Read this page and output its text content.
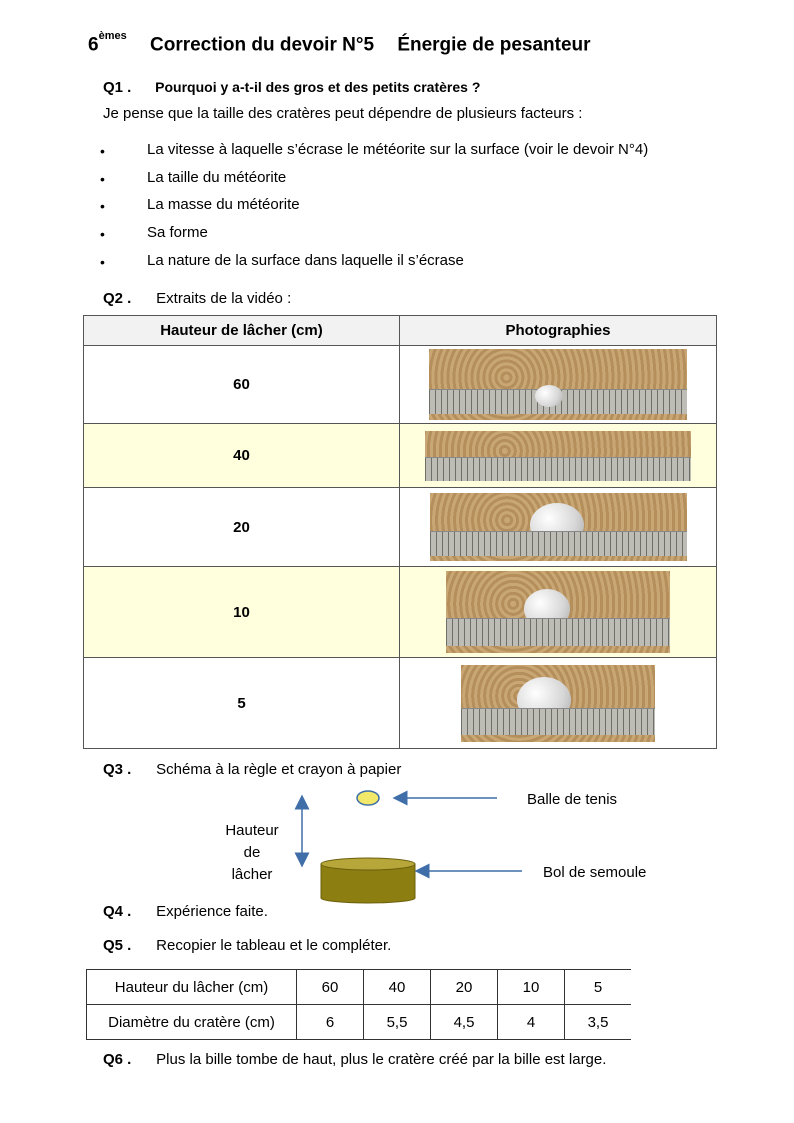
6èmes Correction du devoir N°5 Énergie de pesanteur
Q1 . Pourquoi y a-t-il des gros et des petits cratères ?
Je pense que la taille des cratères peut dépendre de plusieurs facteurs :
•	La vitesse à laquelle s’écrase le météorite sur la surface (voir le devoir N°4)
•	La taille du météorite
•	La masse du météorite
•	Sa forme
•	La nature de la surface dans laquelle il s’écrase
Q2 . Extraits de la vidéo :
Hauteur de lâcher (cm)	Photographies
60	

40	

20	

10	

5	
Q3 . Schéma à la règle et crayon à papier
Balle de tenis
Bol de semoule
Hauteur
de
lâcher
Q4 . Expérience faite.
Q5 . Recopier le tableau et le compléter.
Hauteur du lâcher (cm)	60	40	20	10	5
Diamètre du cratère (cm)	6	5,5	4,5	4	3,5
Q6 . Plus la bille tombe de haut, plus le cratère créé par la bille est large.
